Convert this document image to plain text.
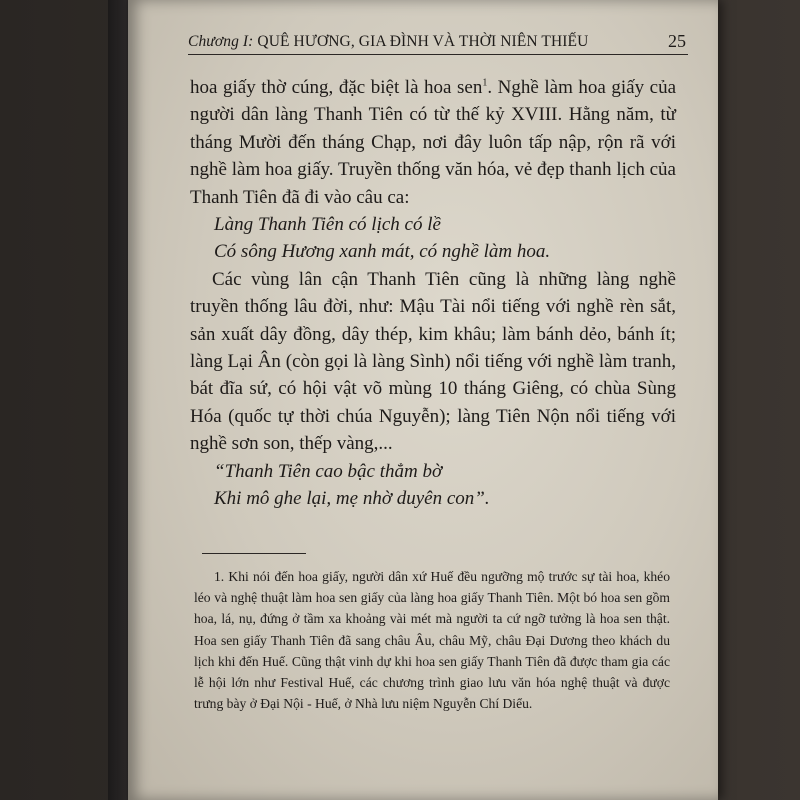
Chương I: QUÊ HƯƠNG, GIA ĐÌNH VÀ THỜI NIÊN THIẾU	25

hoa giấy thờ cúng, đặc biệt là hoa sen$^1$. Nghề làm hoa giấy của người dân làng Thanh Tiên có từ thế kỷ XVIII. Hằng năm, từ tháng Mười đến tháng Chạp, nơi đây luôn tấp nập, rộn rã với nghề làm hoa giấy. Truyền thống văn hóa, vẻ đẹp thanh lịch của Thanh Tiên đã đi vào câu ca:

Làng Thanh Tiên có lịch có lề

Có sông Hương xanh mát, có nghề làm hoa.

Các vùng lân cận Thanh Tiên cũng là những làng nghề truyền thống lâu đời, như: Mậu Tài nổi tiếng với nghề rèn sắt, sản xuất dây đồng, dây thép, kim khâu; làm bánh dẻo, bánh ít; làng Lại Ân (còn gọi là làng Sình) nổi tiếng với nghề làm tranh, bát đĩa sứ, có hội vật võ mùng 10 tháng Giêng, có chùa Sùng Hóa (quốc tự thời chúa Nguyễn); làng Tiên Nộn nổi tiếng với nghề sơn son, thếp vàng,...

“Thanh Tiên cao bậc thẳm bờ

Khi mô ghe lại, mẹ nhờ duyên con”.

1. Khi nói đến hoa giấy, người dân xứ Huế đều ngưỡng mộ trước sự tài hoa, khéo léo và nghệ thuật làm hoa sen giấy của làng hoa giấy Thanh Tiên. Một bó hoa sen gồm hoa, lá, nụ, đứng ở tầm xa khoảng vài mét mà người ta cứ ngỡ tưởng là hoa sen thật. Hoa sen giấy Thanh Tiên đã sang châu Âu, châu Mỹ, châu Đại Dương theo khách du lịch khi đến Huế. Cũng thật vinh dự khi hoa sen giấy Thanh Tiên đã được tham gia các lễ hội lớn như Festival Huế, các chương trình giao lưu văn hóa nghệ thuật và được trưng bày ở Đại Nội - Huế, ở Nhà lưu niệm Nguyễn Chí Diểu.
